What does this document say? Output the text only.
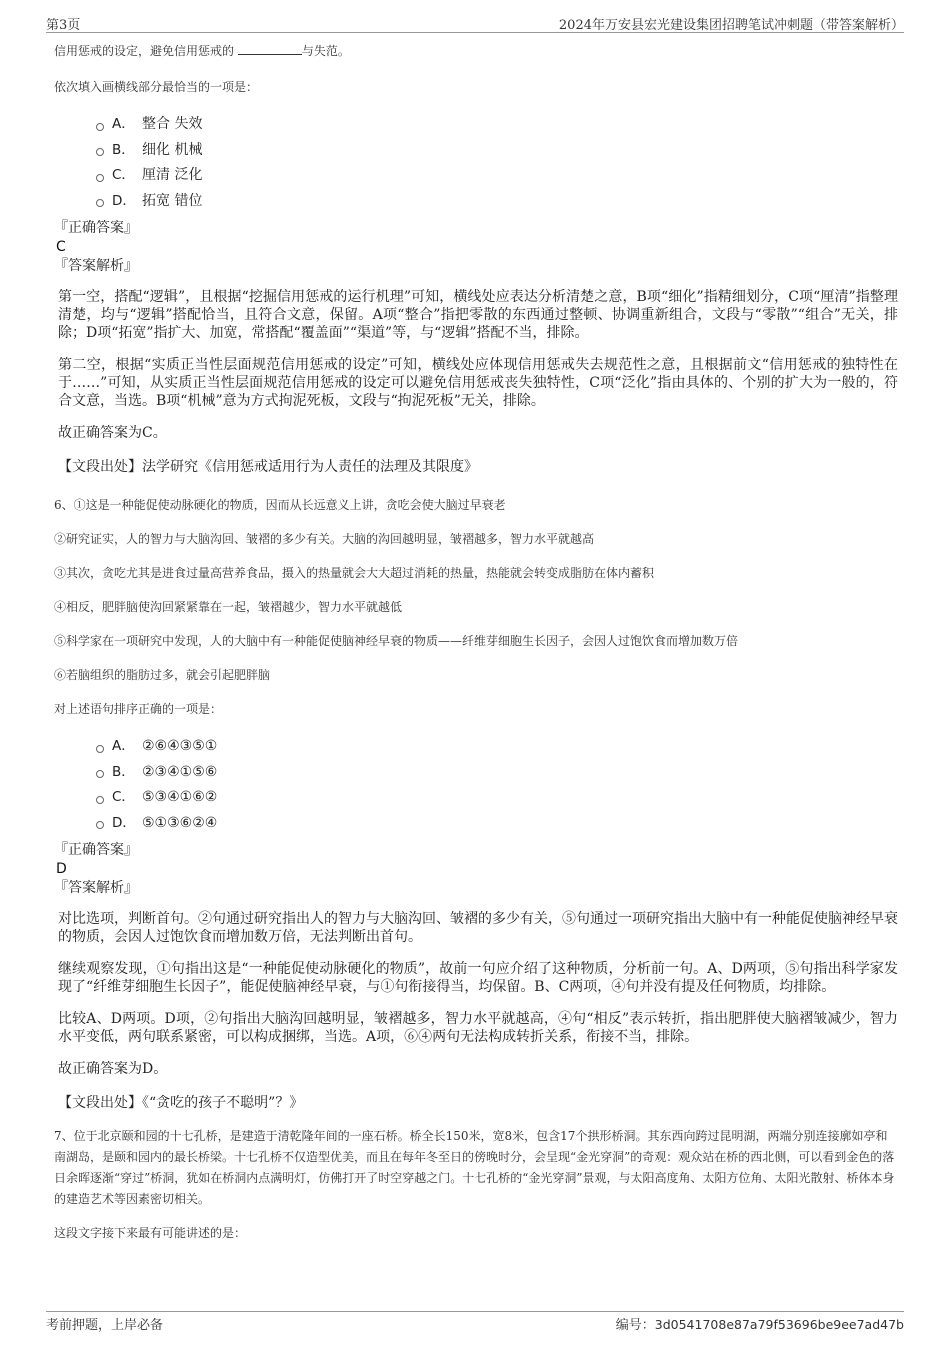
第3页	2024年万安县宏光建设集团招聘笔试冲刺题（带答案解析）
信用惩戒的设定，避免信用惩戒的	与失范。
依次填入画横线部分最恰当的一项是：
A． 整合 失效
B． 细化 机械
C． 厘清 泛化
D． 拓宽 错位
『正确答案』
C
『答案解析』
第一空，搭配“逻辑”，且根据“挖掘信用惩戒的运行机理”可知，横线处应表达分析清楚之意，B项“细化”指精细划分，C项“厘清”指整理清楚，均与“逻辑”搭配恰当，且符合文意，保留。A项“整合”指把零散的东西通过整顿、协调重新组合，文段与“零散”“组合”无关，排除；D项“拓宽”指扩大、加宽，常搭配“覆盖面”“渠道”等，与“逻辑”搭配不当，排除。
第二空，根据“实质正当性层面规范信用惩戒的设定”可知，横线处应体现信用惩戒失去规范性之意，且根据前文“信用惩戒的独特性在于……”可知，从实质正当性层面规范信用惩戒的设定可以避免信用惩戒丧失独特性，C项“泛化”指由具体的、个别的扩大为一般的，符合文意，当选。B项“机械”意为方式拘泥死板，文段与“拘泥死板”无关，排除。
故正确答案为C。
【文段出处】法学研究《信用惩戒适用行为人责任的法理及其限度》
6、①这是一种能促使动脉硬化的物质，因而从长远意义上讲，贪吃会使大脑过早衰老
②研究证实，人的智力与大脑沟回、皱褶的多少有关。大脑的沟回越明显，皱褶越多，智力水平就越高
③其次，贪吃尤其是进食过量高营养食品，摄入的热量就会大大超过消耗的热量，热能就会转变成脂肪在体内蓄积
④相反，肥胖脑使沟回紧紧靠在一起，皱褶越少，智力水平就越低
⑤科学家在一项研究中发现，人的大脑中有一种能促使脑神经早衰的物质——纤维芽细胞生长因子，会因人过饱饮食而增加数万倍
⑥若脑组织的脂肪过多，就会引起肥胖脑
对上述语句排序正确的一项是：
A． ②⑥④③⑤①
B． ②③④①⑤⑥
C． ⑤③④①⑥②
D． ⑤①③⑥②④
『正确答案』
D
『答案解析』
对比选项，判断首句。②句通过研究指出人的智力与大脑沟回、皱褶的多少有关，⑤句通过一项研究指出大脑中有一种能促使脑神经早衰的物质，会因人过饱饮食而增加数万倍，无法判断出首句。
继续观察发现，①句指出这是“一种能促使动脉硬化的物质”，故前一句应介绍了这种物质，分析前一句。A、D两项，⑤句指出科学家发现了“纤维芽细胞生长因子”，能促使脑神经早衰，与①句衔接得当，均保留。B、C两项，④句并没有提及任何物质，均排除。
比较A、D两项。D项，②句指出大脑沟回越明显，皱褶越多，智力水平就越高，④句“相反”表示转折，指出肥胖使大脑褶皱减少，智力水平变低，两句联系紧密，可以构成捆绑，当选。A项，⑥④两句无法构成转折关系，衔接不当，排除。
故正确答案为D。
【文段出处】《“贪吃的孩子不聪明”？》
7、位于北京颐和园的十七孔桥，是建造于清乾隆年间的一座石桥。桥全长150米，宽8米，包含17个拱形桥洞。其东西向跨过昆明湖，两端分别连接廓如亭和南湖岛，是颐和园内的最长桥梁。十七孔桥不仅造型优美，而且在每年冬至日的傍晚时分，会呈现“金光穿洞”的奇观：观众站在桥的西北侧，可以看到金色的落日余晖逐渐“穿过”桥洞，犹如在桥洞内点满明灯，仿佛打开了时空穿越之门。十七孔桥的“金光穿洞”景观，与太阳高度角、太阳方位角、太阳光散射、桥体本身的建造艺术等因素密切相关。
这段文字接下来最有可能讲述的是：
考前押题，上岸必备	编号：3d0541708e87a79f53696be9ee7ad47b
